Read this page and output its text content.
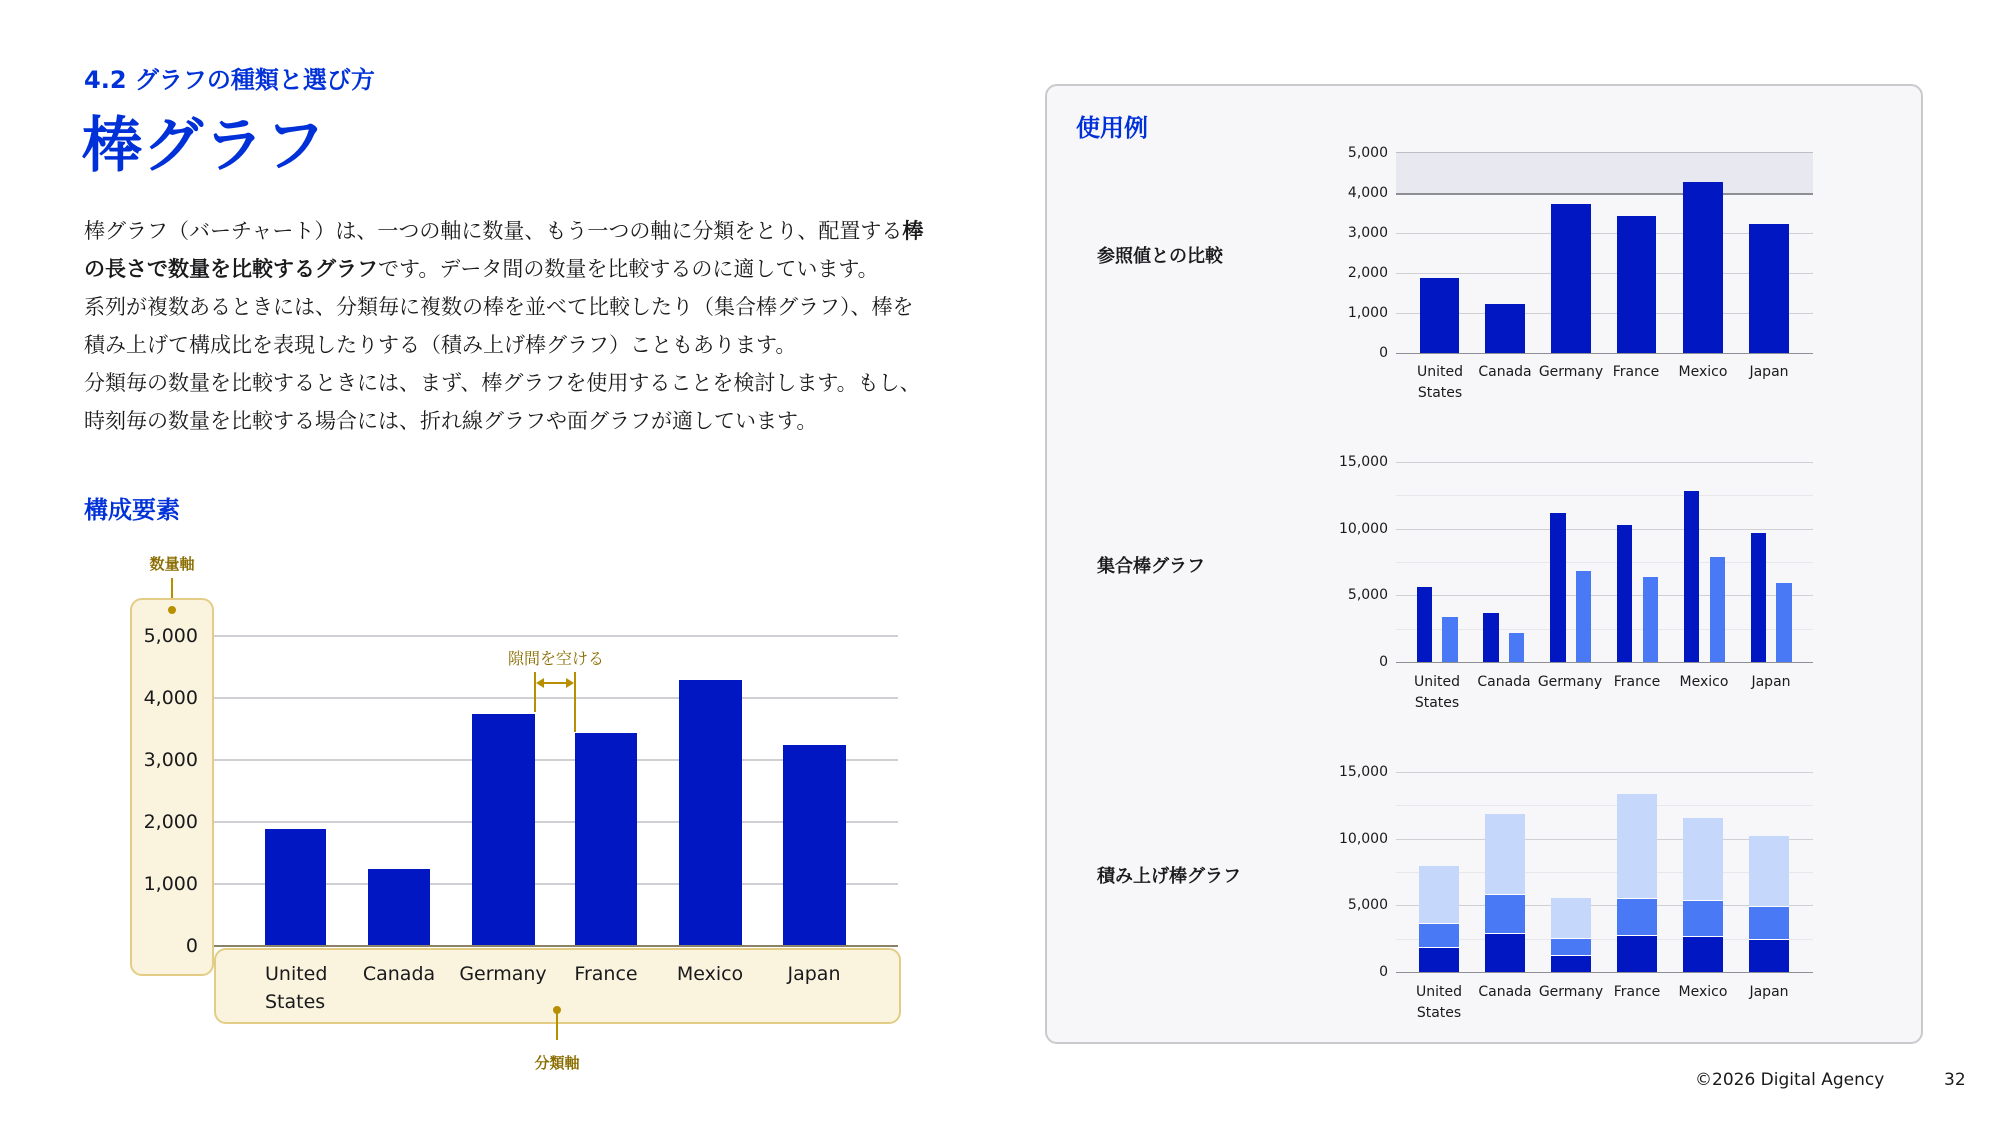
4.2 グラフの種類と選び方
棒グラフ
棒グラフ（バーチャート）は、一つの軸に数量、もう一つの軸に分類をとり、配置する棒
の長さで数量を比較するグラフです。データ間の数量を比較するのに適しています。
系列が複数あるときには、分類毎に複数の棒を並べて比較したり（集合棒グラフ）、棒を
積み上げて構成比を表現したりする（積み上げ棒グラフ）こともあります。
分類毎の数量を比較するときには、まず、棒グラフを使用することを検討します。もし、
時刻毎の数量を比較する場合には、折れ線グラフや面グラフが適しています。
構成要素
数量軸
分類軸
5,000
4,000
3,000
2,000
1,000
0
United
States
Canada	Germany	France	Mexico	Japan
隙間を空ける
使用例
参照値との比較
集合棒グラフ
積み上げ棒グラフ
5,000
4,000
3,000
2,000
1,000
0
United
States
Canada Germany France	Mexico	Japan
15,000
10,000
5,000
0
United
States
Canada Germany France	Mexico	Japan
15,000
10,000
5,000
0
United
States
Canada Germany France	Mexico	Japan
©2026 Digital Agency	32
